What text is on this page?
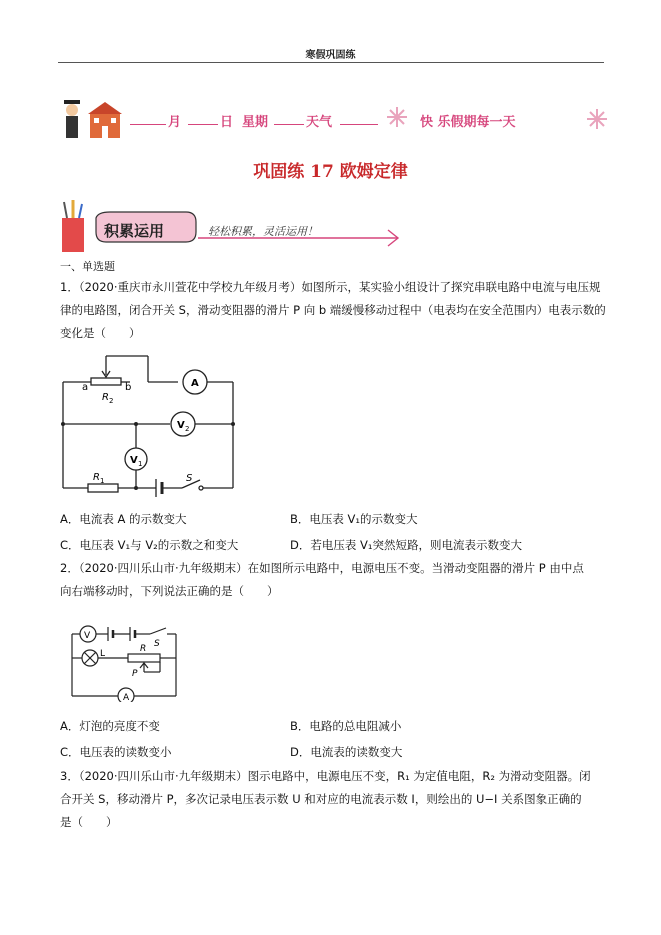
寒假巩固练
月	日 星期	天气	快 乐假期每一天
巩固练 17 欧姆定律
积累运用	轻松积累，灵活运用！
一、单选题
1．（2020·重庆市永川萱花中学校九年级月考）如图所示，某实验小组设计了探究串联电路中电流与电压规
律的电路图，闭合开关 S，滑动变阻器的滑片 P 向 b 端缓慢移动过程中（电表均在安全范围内）电表示数的
变化是（　　）
a	b
R 2
R 1
A
V 2
V 1
S
A．电流表 A 的示数变大	B．电压表 V₁的示数变大
C．电压表 V₁与 V₂的示数之和变大	D．若电压表 V₁突然短路，则电流表示数变大
2．（2020·四川乐山市·九年级期末）在如图所示电路中，电源电压不变。当滑动变阻器的滑片 P 由中点
向右端移动时，下列说法正确的是（　　）
V
L
S
R
P
A
A．灯泡的亮度不变	B．电路的总电阻减小
C．电压表的读数变小	D．电流表的读数变大
3．（2020·四川乐山市·九年级期末）图示电路中，电源电压不变，R₁ 为定值电阻，R₂ 为滑动变阻器。闭
合开关 S，移动滑片 P，多次记录电压表示数 U 和对应的电流表示数 I，则绘出的 U−I 关系图象正确的
是（　　）
